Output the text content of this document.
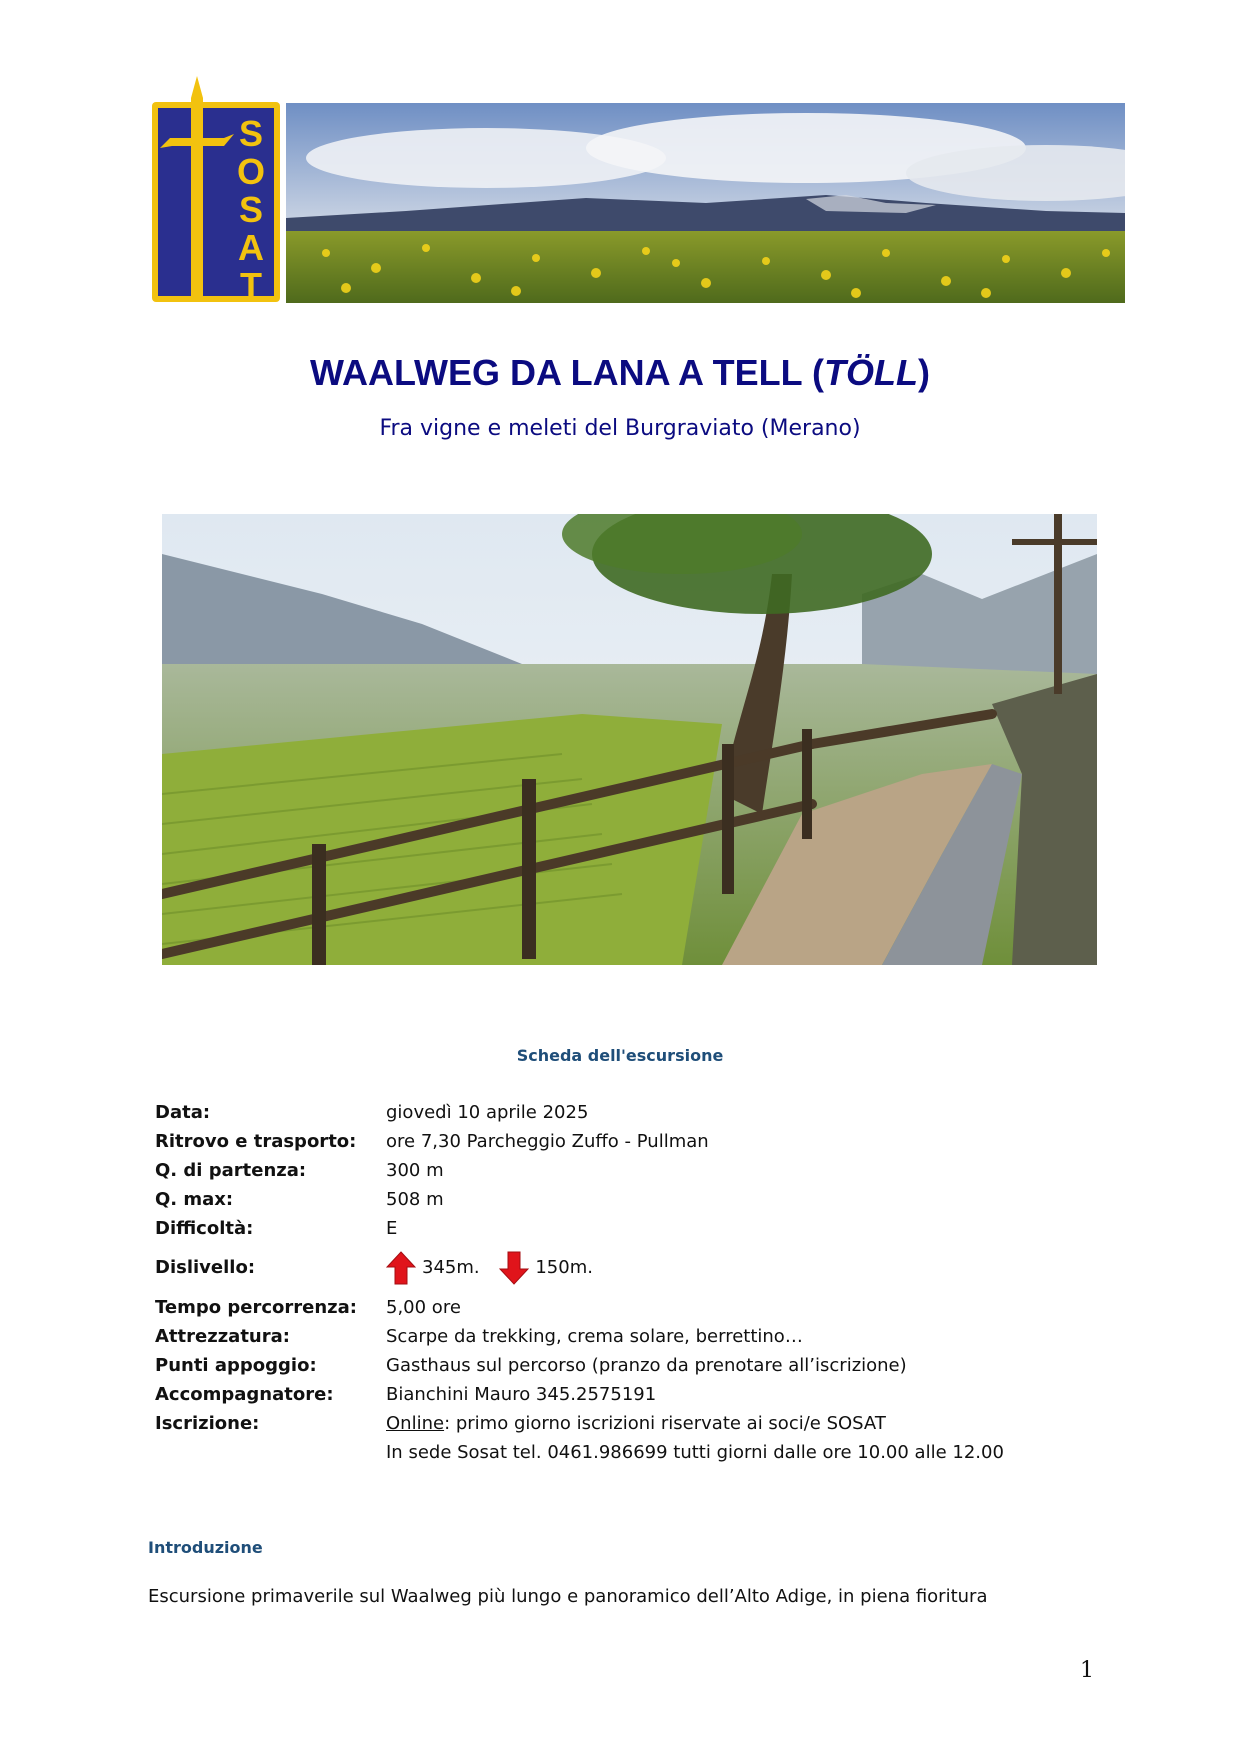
S
O
S
A
T
WAALWEG DA LANA A TELL (TÖLL)
Fra vigne e meleti del Burgraviato (Merano)
Scheda dell'escursione
Data:	giovedì 10 aprile 2025
Ritrovo e trasporto:	ore 7,30 Parcheggio Zuffo - Pullman
Q. di partenza:	300 m
Q. max:	508 m
Difficoltà:	E
Dislivello:	345m.	150m.
Tempo percorrenza:	5,00 ore
Attrezzatura:	Scarpe da trekking, crema solare, berrettino…
Punti appoggio:	Gasthaus sul percorso (pranzo da prenotare all’iscrizione)
Accompagnatore:	Bianchini Mauro 345.2575191
Iscrizione:	Online: primo giorno iscrizioni riservate ai soci/e SOSAT
In sede Sosat tel. 0461.986699 tutti giorni dalle ore 10.00 alle 12.00
Introduzione
Escursione primaverile sul Waalweg più lungo e panoramico dell’Alto Adige, in piena fioritura
1
